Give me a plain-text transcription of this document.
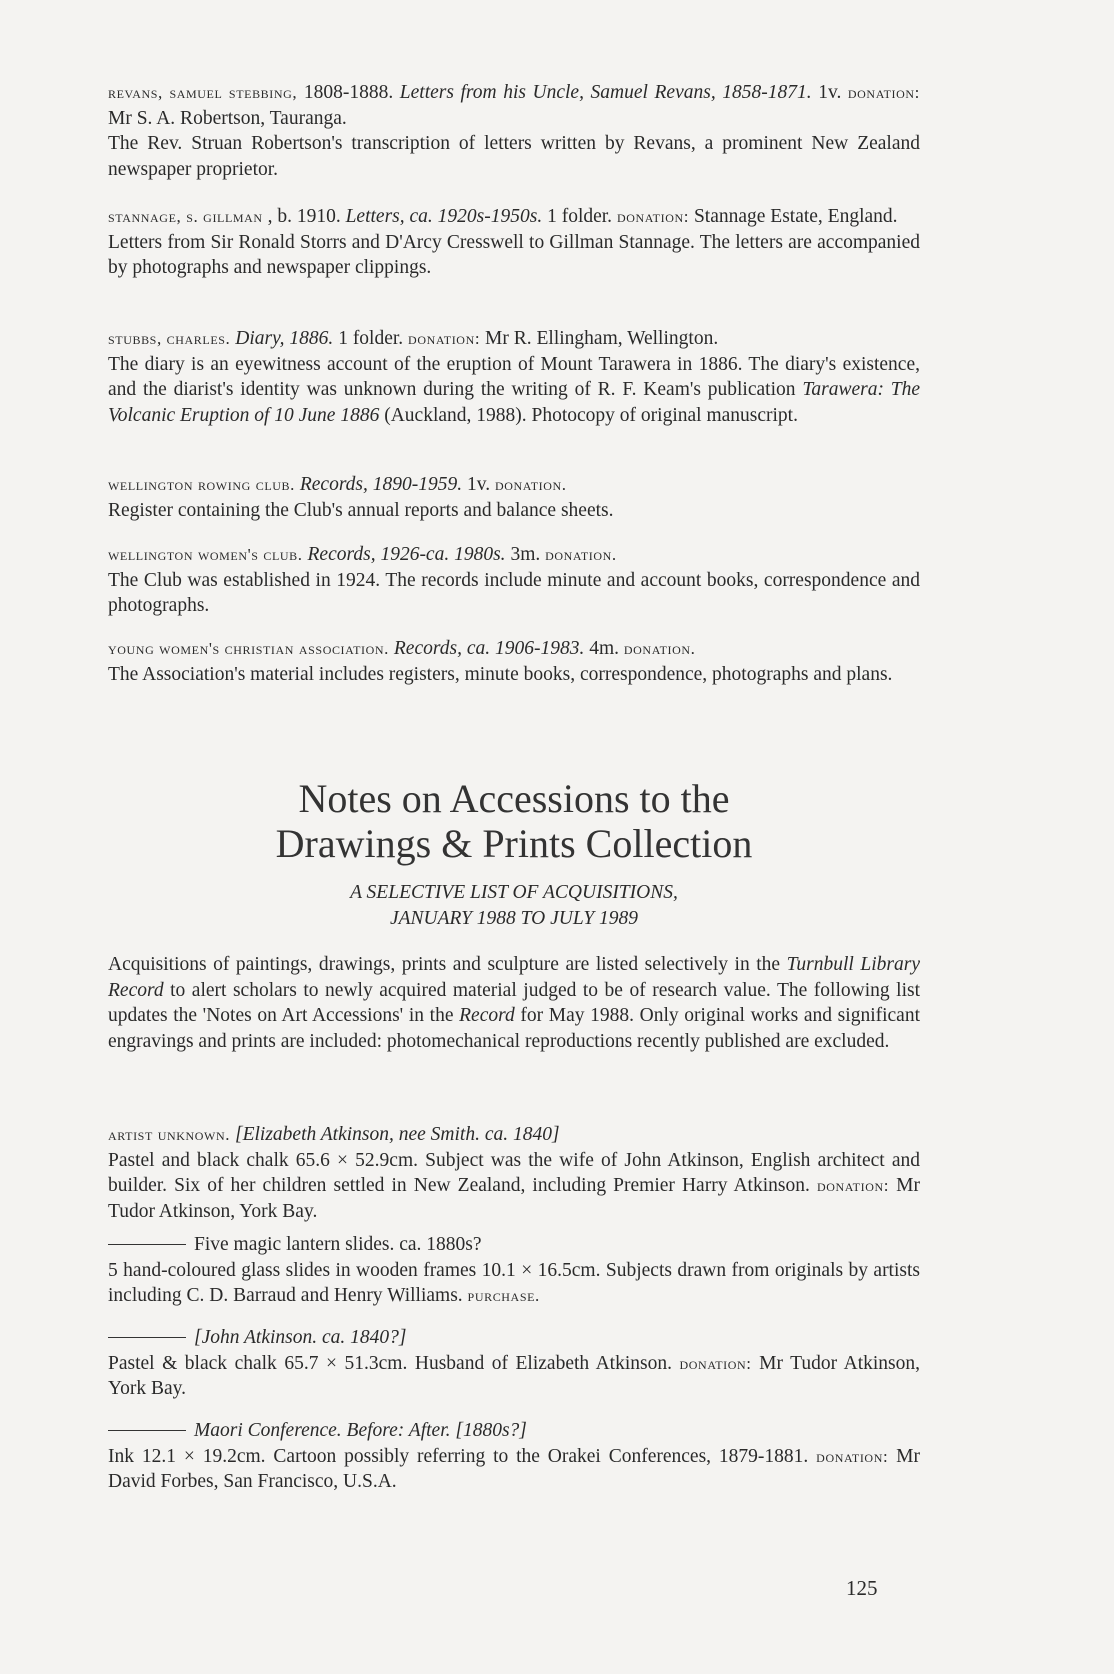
revans, samuel stebbing, 1808-1888. Letters from his Uncle, Samuel Revans, 1858-1871. 1v. donation: Mr S. A. Robertson, Tauranga.
The Rev. Struan Robertson's transcription of letters written by Revans, a prominent New Zealand newspaper proprietor.

stannage, s. gillman , b. 1910. Letters, ca. 1920s-1950s. 1 folder. donation: Stannage Estate, England.
Letters from Sir Ronald Storrs and D'Arcy Cresswell to Gillman Stannage. The letters are accompanied by photographs and newspaper clippings.

stubbs, charles. Diary, 1886. 1 folder. donation: Mr R. Ellingham, Wellington.
The diary is an eyewitness account of the eruption of Mount Tarawera in 1886. The diary's existence, and the diarist's identity was unknown during the writing of R. F. Keam's publication Tarawera: The Volcanic Eruption of 10 June 1886 (Auckland, 1988). Photocopy of original manuscript.

wellington rowing club. Records, 1890-1959. 1v. donation.
Register containing the Club's annual reports and balance sheets.

wellington women's club. Records, 1926-ca. 1980s. 3m. donation.
The Club was established in 1924. The records include minute and account books, correspondence and photographs.

young women's christian association. Records, ca. 1906-1983. 4m. donation.
The Association's material includes registers, minute books, correspondence, photographs and plans.

Notes on Accessions to the
Drawings & Prints Collection
A SELECTIVE LIST OF ACQUISITIONS,
JANUARY 1988 TO JULY 1989
Acquisitions of paintings, drawings, prints and sculpture are listed selectively in the Turnbull Library Record to alert scholars to newly acquired material judged to be of research value. The following list updates the 'Notes on Art Accessions' in the Record for May 1988. Only original works and significant engravings and prints are included: photomechanical reproductions recently published are excluded.
artist unknown. [Elizabeth Atkinson, nee Smith. ca. 1840]
Pastel and black chalk 65.6 × 52.9cm. Subject was the wife of John Atkinson, English architect and builder. Six of her children settled in New Zealand, including Premier Harry Atkinson. donation: Mr Tudor Atkinson, York Bay.
Five magic lantern slides. ca. 1880s?
5 hand-coloured glass slides in wooden frames 10.1 × 16.5cm. Subjects drawn from originals by artists including C. D. Barraud and Henry Williams. purchase.
[John Atkinson. ca. 1840?]
Pastel & black chalk 65.7 × 51.3cm. Husband of Elizabeth Atkinson. donation: Mr Tudor Atkinson, York Bay.
Maori Conference. Before: After. [1880s?]
Ink 12.1 × 19.2cm. Cartoon possibly referring to the Orakei Conferences, 1879-1881. donation: Mr David Forbes, San Francisco, U.S.A.
125
